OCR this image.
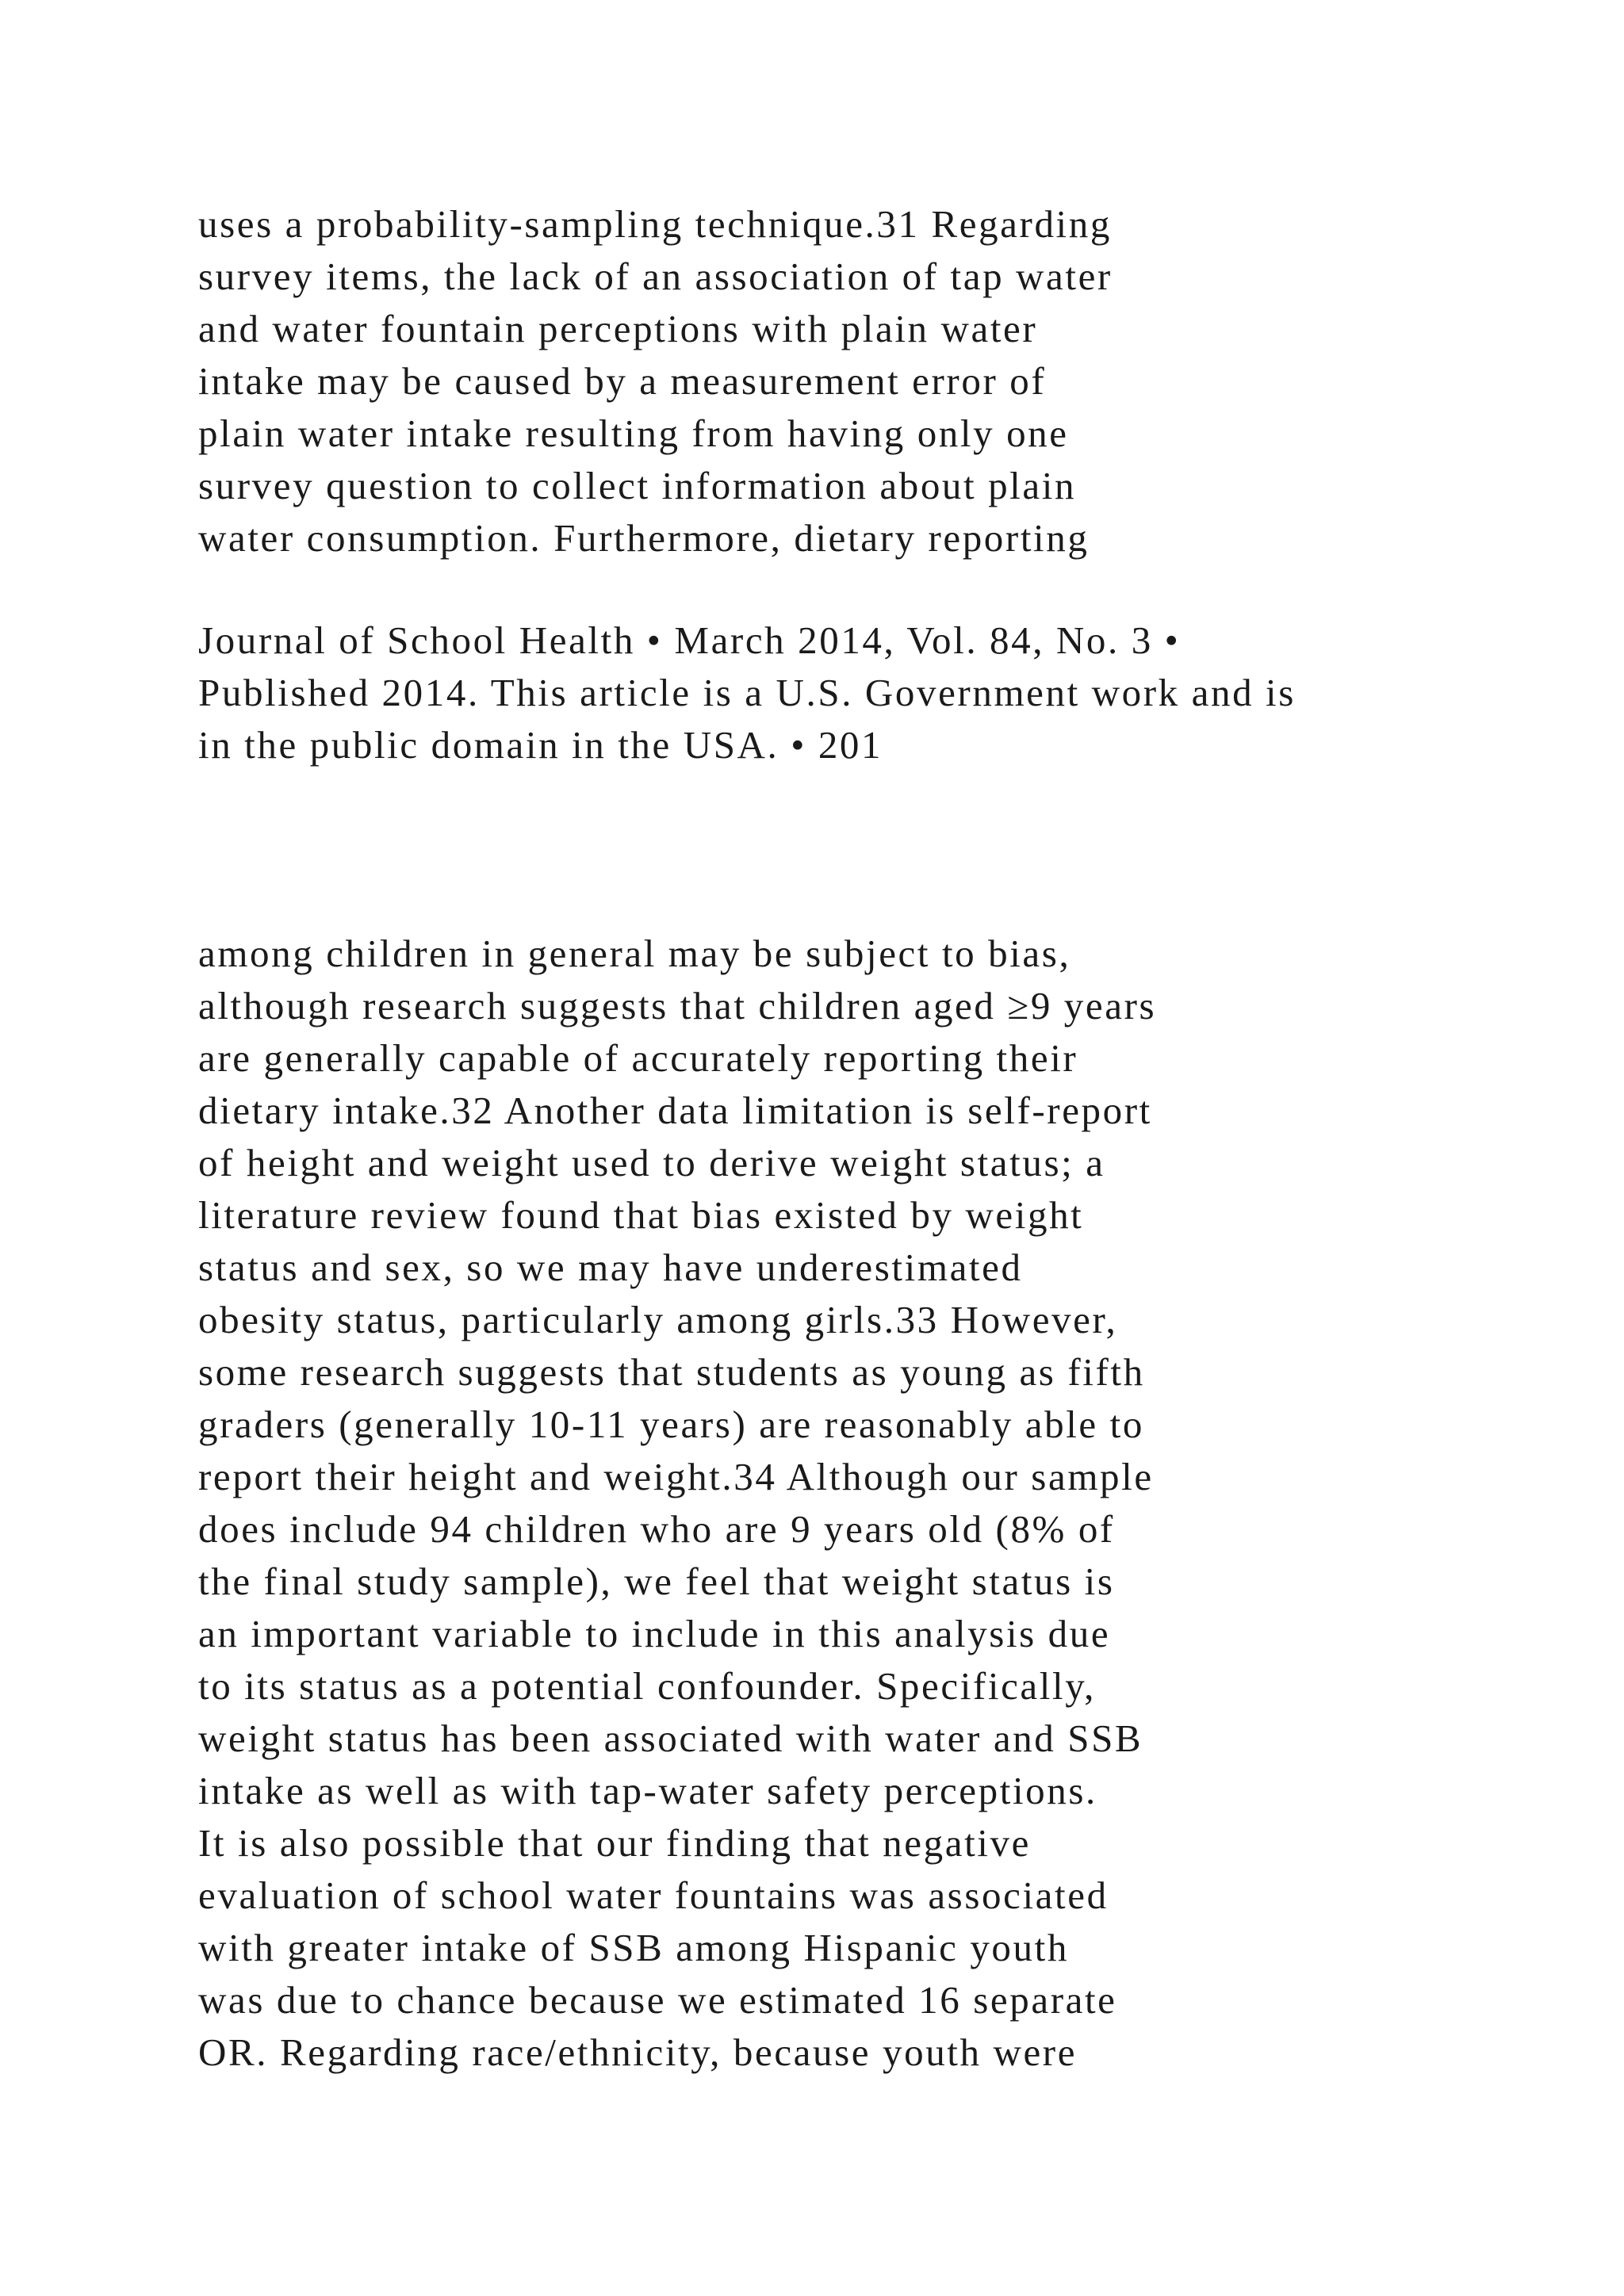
uses a probability-sampling technique.31 Regarding
survey items, the lack of an association of tap water
and water fountain perceptions with plain water
intake may be caused by a measurement error of
plain water intake resulting from having only one
survey question to collect information about plain
water consumption. Furthermore, dietary reporting

Journal of School Health • March 2014, Vol. 84, No. 3 •
Published 2014. This article is a U.S. Government work and is
in the public domain in the USA. • 201

among children in general may be subject to bias,
although research suggests that children aged ≥9 years
are generally capable of accurately reporting their
dietary intake.32 Another data limitation is self-report
of height and weight used to derive weight status; a
literature review found that bias existed by weight
status and sex, so we may have underestimated
obesity status, particularly among girls.33 However,
some research suggests that students as young as fifth
graders (generally 10-11 years) are reasonably able to
report their height and weight.34 Although our sample
does include 94 children who are 9 years old (8% of
the final study sample), we feel that weight status is
an important variable to include in this analysis due
to its status as a potential confounder. Specifically,
weight status has been associated with water and SSB
intake as well as with tap-water safety perceptions.
It is also possible that our finding that negative
evaluation of school water fountains was associated
with greater intake of SSB among Hispanic youth
was due to chance because we estimated 16 separate
OR. Regarding race/ethnicity, because youth were
